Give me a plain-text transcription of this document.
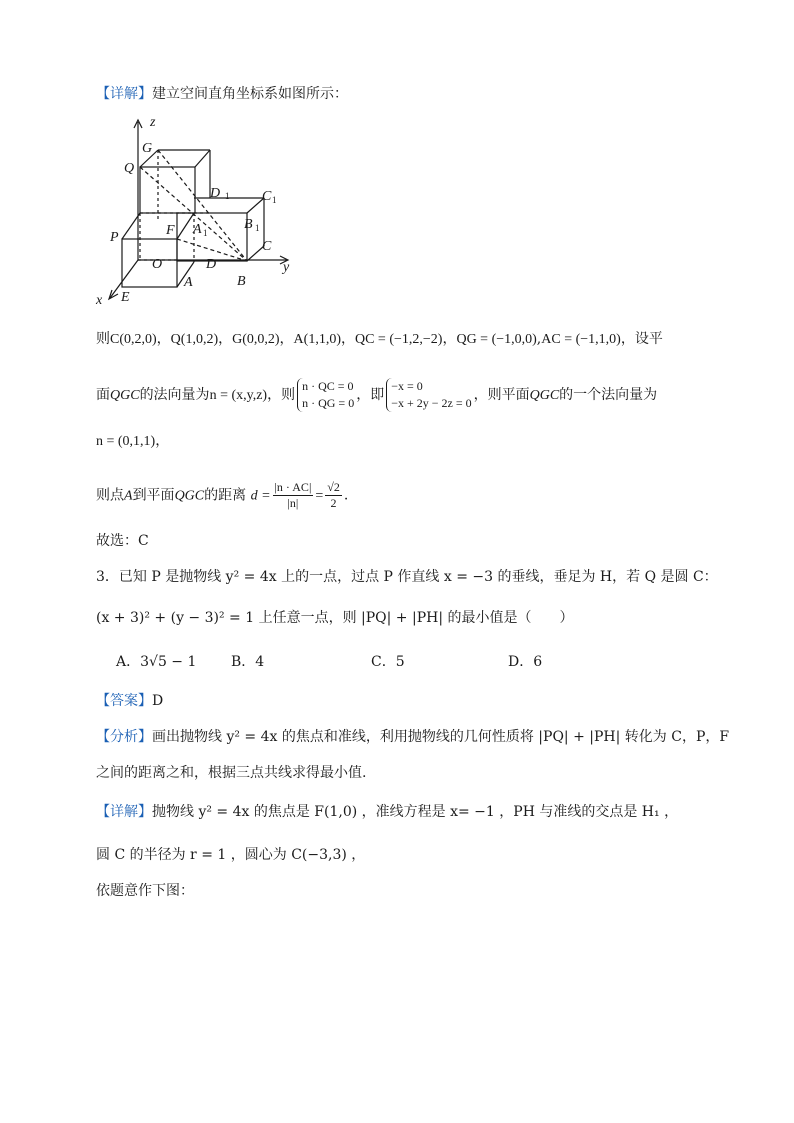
【详解】建立空间直角坐标系如图所示：
z
G
Q
D 1 C 1
B 1
C
A 1
F
P
O	D	y
A	B
x E
则C(0,2,0)，Q(1,0,2)，G(0,0,2)，A(1,1,0)，QC = (−1,2,−2)，QG = (−1,0,0),AC = (−1,1,0)，设平
面QGC的法向量为n = (x,y,z)，则
n · QC = 0
n · QG = 0 ，即
−x = 0
−x + 2y − 2z = 0 ，则平面QGC的一个法向量为
n = (0,1,1)，
则点A到平面QGC的距离 $d = \frac{|n \cdot AC|}{|n|} = \frac{√2}{2}$ .
故选：C
3．已知 P 是抛物线 y² = 4x 上的一点，过点 P 作直线 x = −3 的垂线，垂足为 H，若 Q 是圆 C：
(x + 3)² + (y − 3)² = 1 上任意一点，则 |PQ| + |PH| 的最小值是（　　）
A．3√5 − 1 B．4	C．5	D．6
【答案】D
【分析】画出抛物线 y² = 4x 的焦点和准线，利用抛物线的几何性质将 |PQ| + |PH| 转化为 C，P，F
之间的距离之和，根据三点共线求得最小值.
【详解】抛物线 y² = 4x 的焦点是 F(1,0) ，准线方程是 x= −1 ，PH 与准线的交点是 H₁ ，
圆 C 的半径为 r = 1 ，圆心为 C(−3,3) ，
依题意作下图：
